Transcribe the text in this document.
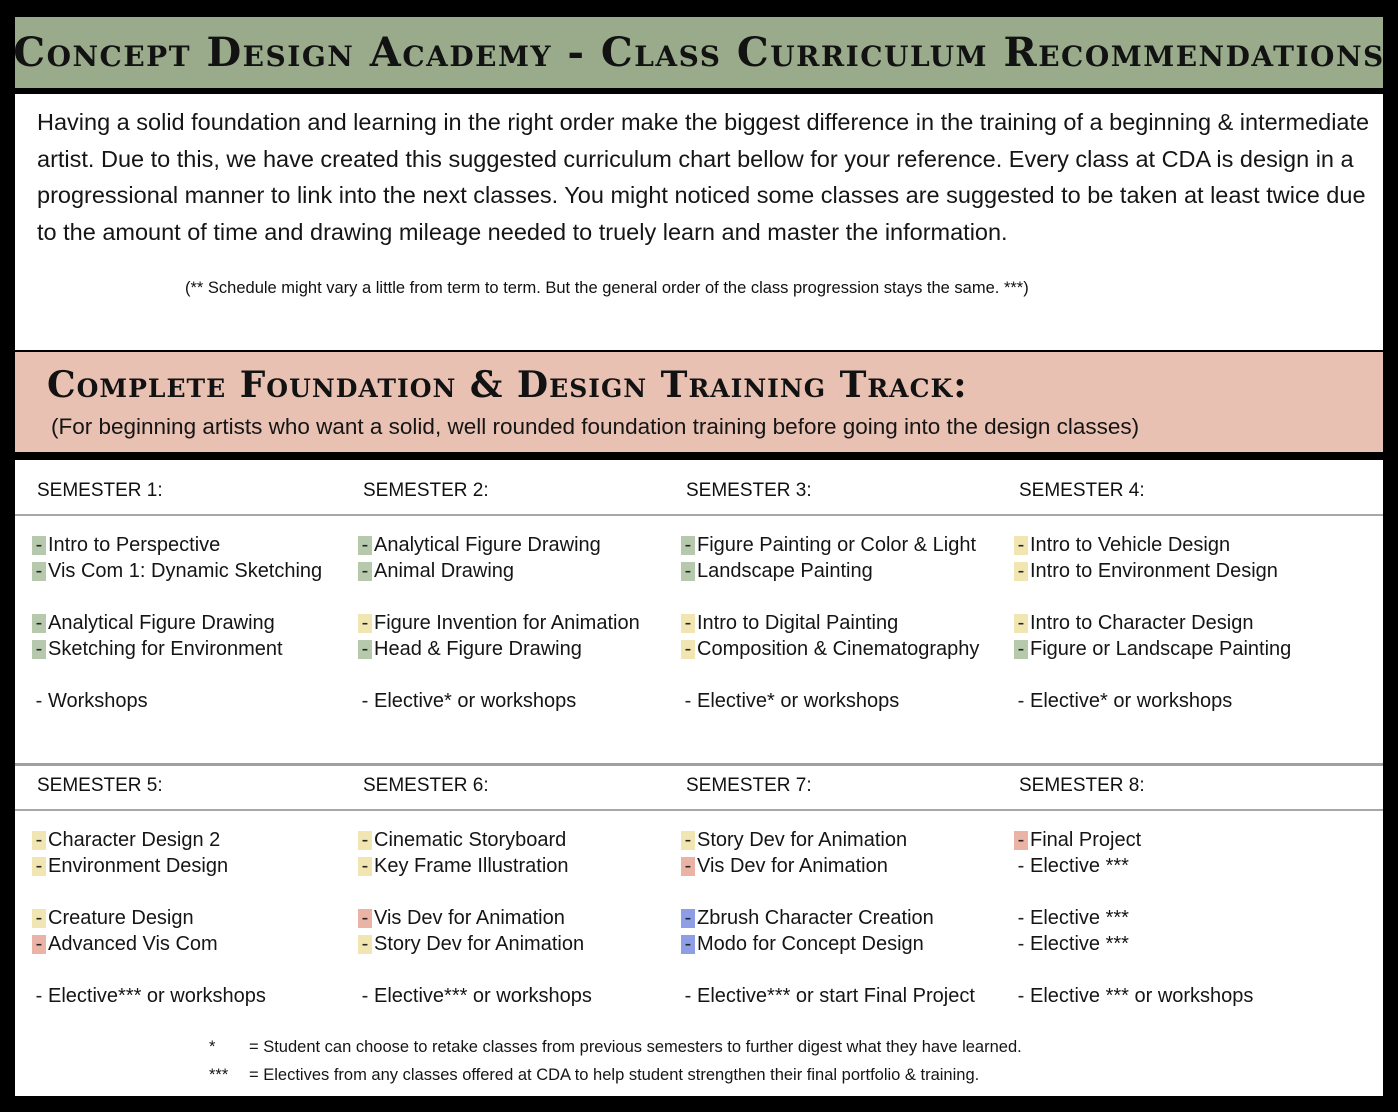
Concept Design Academy - Class Curriculum Recommendations

Having a solid foundation and learning in the right order make the biggest difference in the training of a beginning & intermediate artist. Due to this, we have created this suggested curriculum chart bellow for your reference. Every class at CDA is design in a progressional manner to link into the next classes. You might noticed some classes are suggested to be taken at least twice due to the amount of time and drawing mileage needed to truely learn and master the information.

(** Schedule might vary a little from term to term. But the general order of the class progression stays the same. ***)
Complete Foundation & Design Training Track:
(For beginning artists who want a solid, well rounded foundation training before going into the design classes)
SEMESTER 1:
- Intro to Perspective
- Vis Com 1: Dynamic Sketching
- Analytical Figure Drawing
- Sketching for Environment
- Workshops
SEMESTER 2:
- Analytical Figure Drawing
- Animal Drawing
- Figure Invention for Animation
- Head & Figure Drawing
- Elective* or workshops
SEMESTER 3:
- Figure Painting or Color & Light
- Landscape Painting
- Intro to Digital Painting
- Composition & Cinematography
- Elective* or workshops
SEMESTER 4:
- Intro to Vehicle Design
- Intro to Environment Design
- Intro to Character Design
- Figure or Landscape Painting
- Elective* or workshops
SEMESTER 5:
- Character Design 2
- Environment Design
- Creature Design
- Advanced Vis Com
- Elective*** or workshops
SEMESTER 6:
- Cinematic Storyboard
- Key Frame Illustration
- Vis Dev for Animation
- Story Dev for Animation
- Elective*** or workshops
SEMESTER 7:
- Story Dev for Animation
- Vis Dev for Animation
- Zbrush Character Creation
- Modo for Concept Design
- Elective*** or start Final Project
SEMESTER 8:
- Final Project
- Elective ***
- Elective ***
- Elective ***
- Elective *** or workshops
* = Student can choose to retake classes from previous semesters to further digest what they have learned.
*** = Electives from any classes offered at CDA to help student strengthen their final portfolio & training.
